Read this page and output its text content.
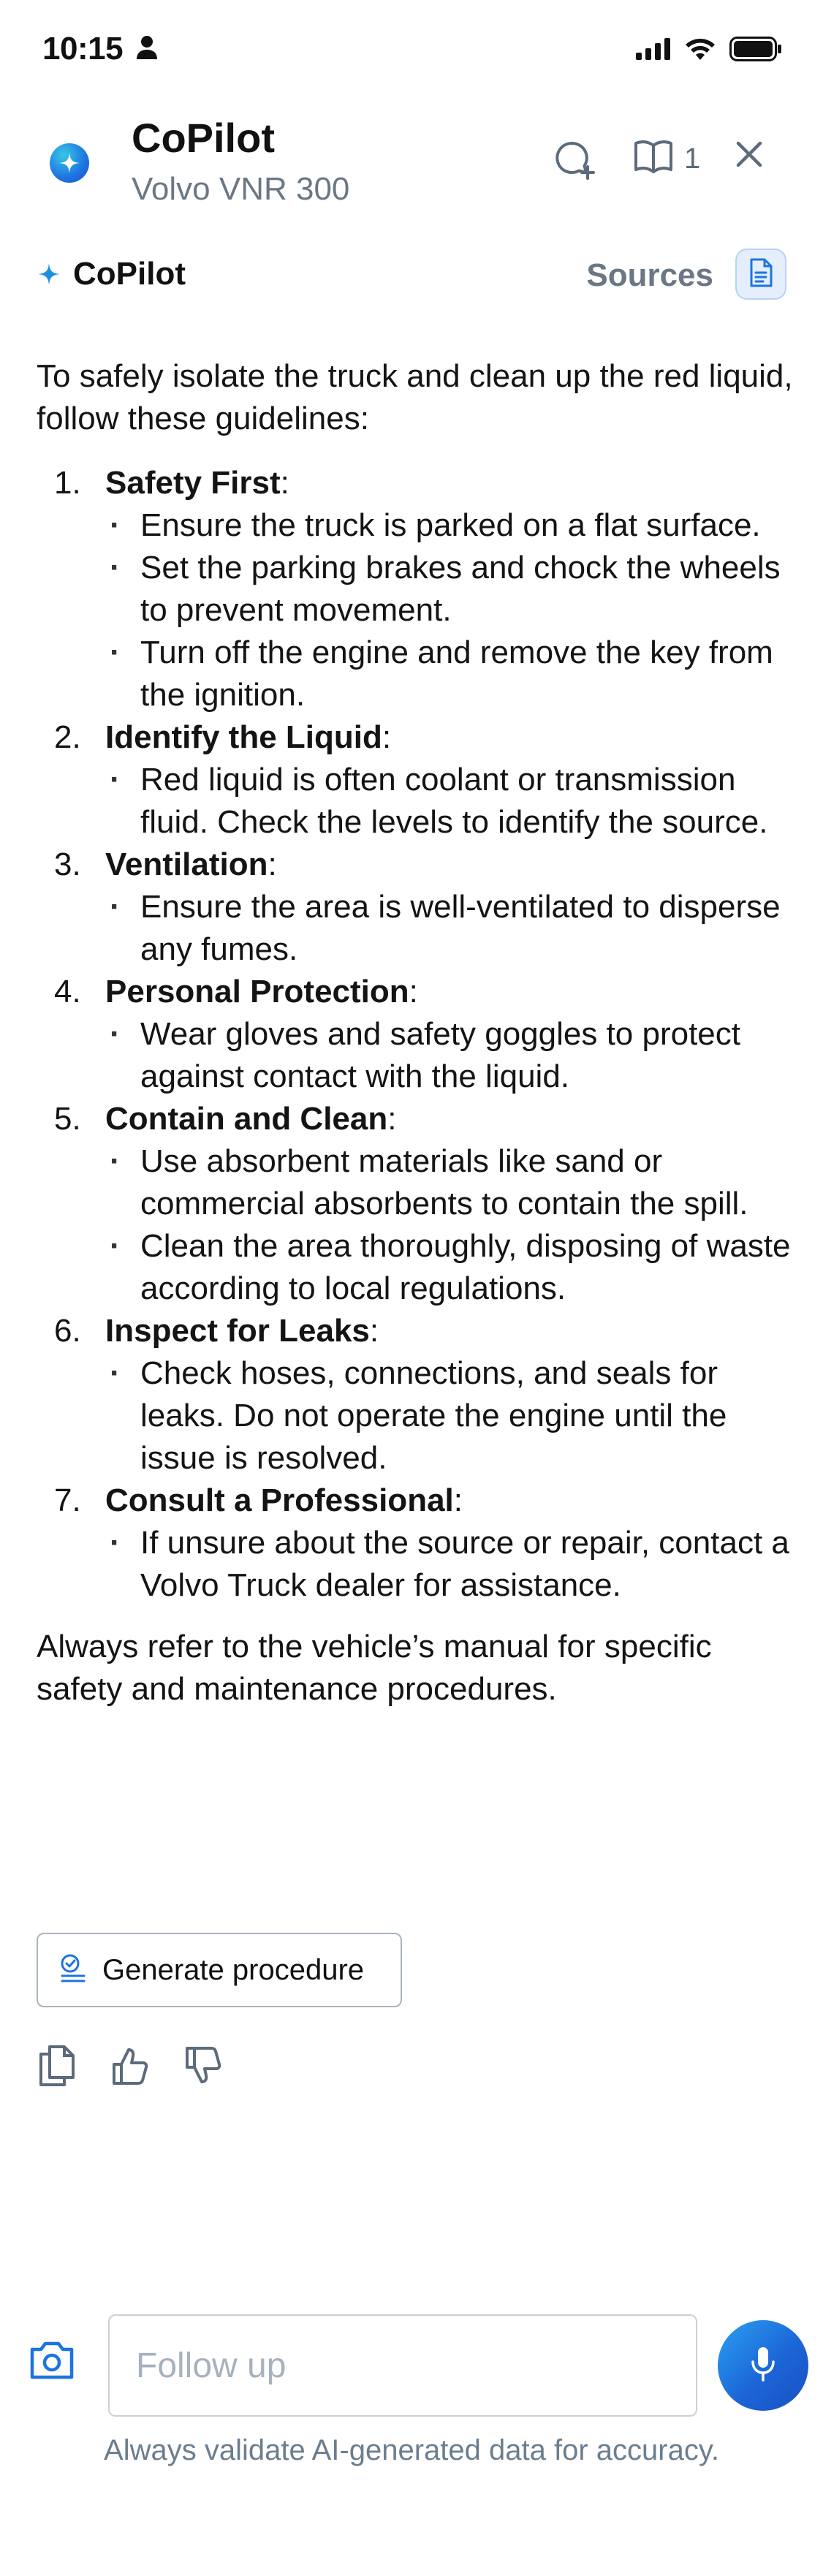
10:15
CoPilot
Volvo VNR 300
1
CoPilot	Sources

To safely isolate the truck and clean up the red liquid, follow these guidelines:

1. Safety First:
· Ensure the truck is parked on a flat surface.
· Set the parking brakes and chock the wheels to prevent movement.
· Turn off the engine and remove the key from the ignition.
2. Identify the Liquid:
· Red liquid is often coolant or transmission fluid. Check the levels to identify the source.
3. Ventilation:
· Ensure the area is well-ventilated to disperse any fumes.
4. Personal Protection:
· Wear gloves and safety goggles to protect against contact with the liquid.
5. Contain and Clean:
· Use absorbent materials like sand or commercial absorbents to contain the spill.
· Clean the area thoroughly, disposing of waste according to local regulations.
6. Inspect for Leaks:
· Check hoses, connections, and seals for leaks. Do not operate the engine until the issue is resolved.
7. Consult a Professional:
· If unsure about the source or repair, contact a Volvo Truck dealer for assistance.

Always refer to the vehicle’s manual for specific safety and maintenance procedures.

Generate procedure
Follow up
Always validate AI-generated data for accuracy.
